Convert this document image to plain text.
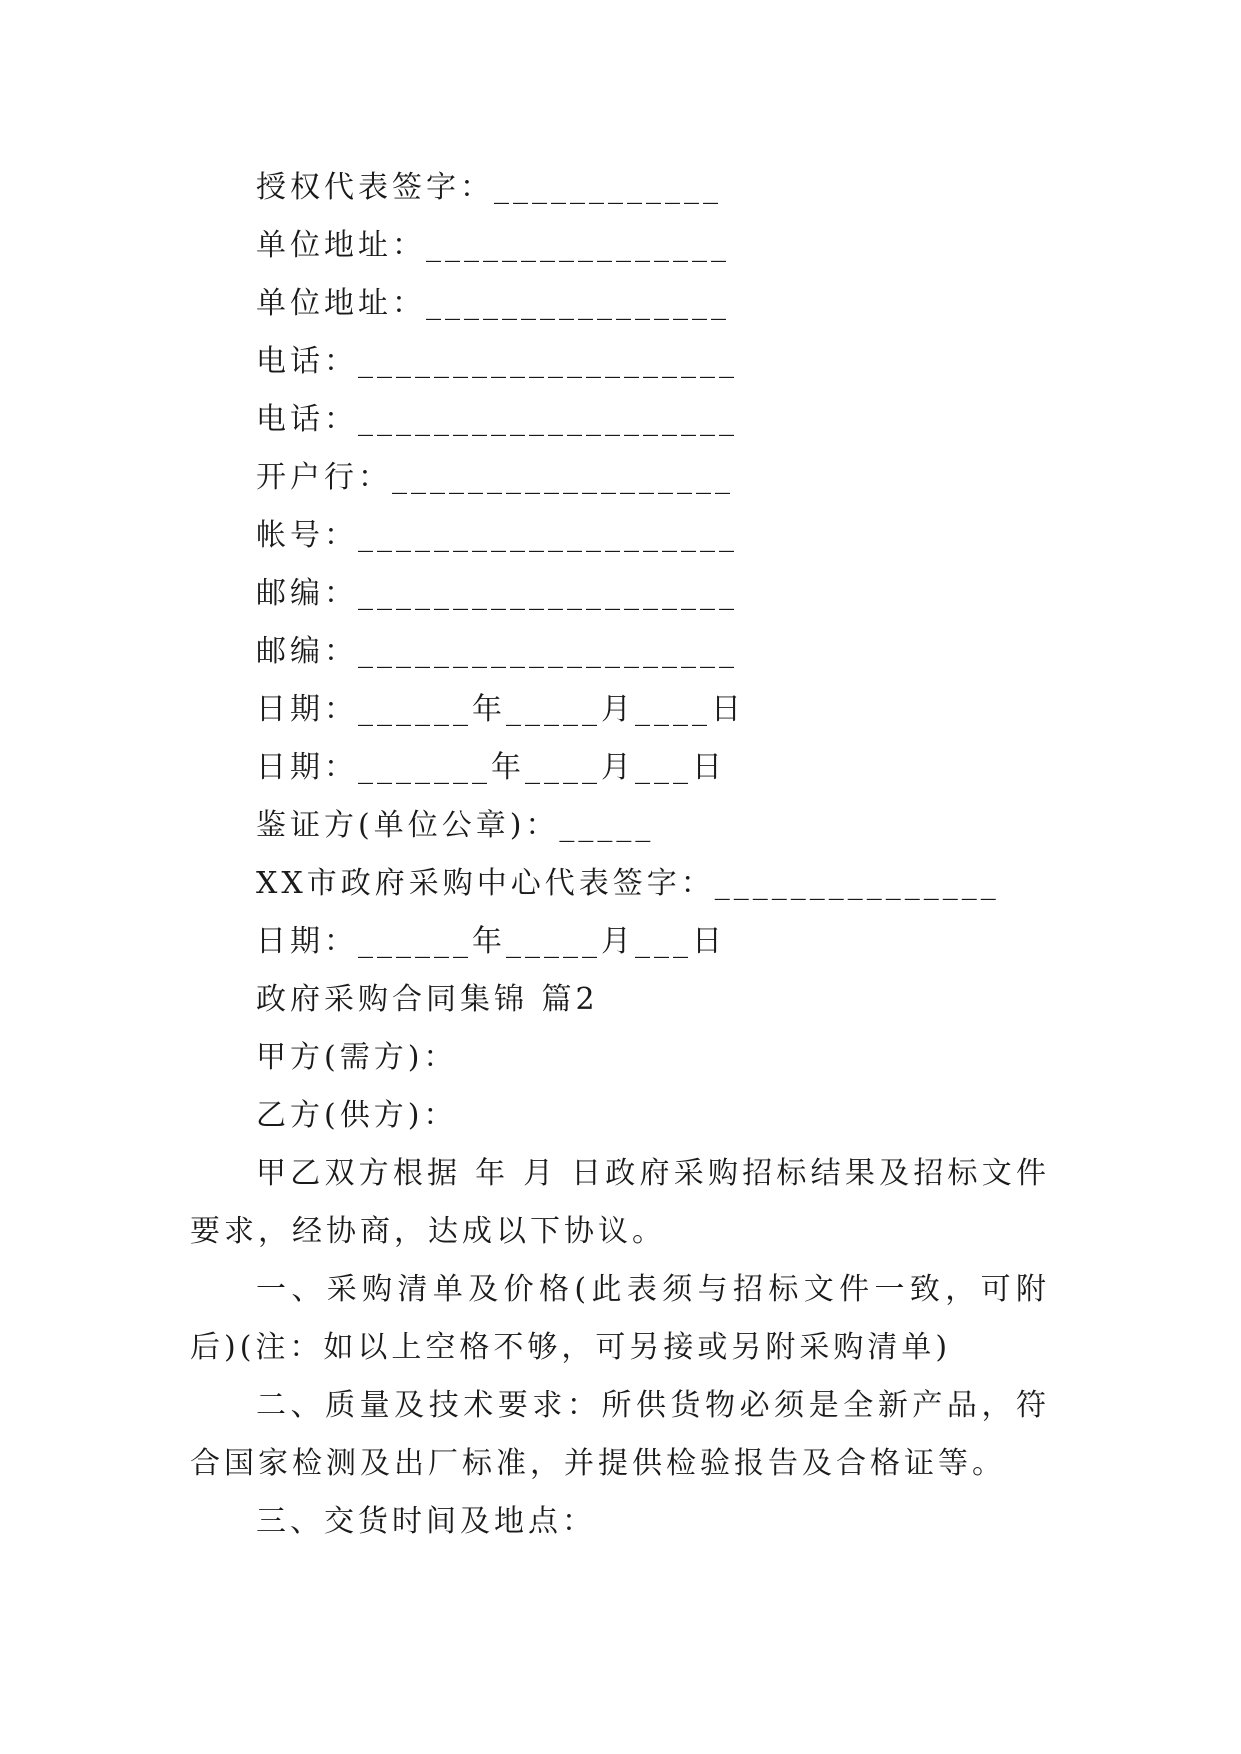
授权代表签字：____________
单位地址：________________
单位地址：________________
电话：____________________
电话：____________________
开户行：__________________
帐号：____________________
邮编：____________________
邮编：____________________
日期：______年_____月____日
日期：_______年____月___日
鉴证方(单位公章)：_____
XX市政府采购中心代表签字：_______________
日期：______年_____月___日
政府采购合同集锦 篇2
甲方(需方)：
乙方(供方)：
甲乙双方根据 年 月 日政府采购招标结果及招标文件要求，经协商，达成以下协议。
一、采购清单及价格(此表须与招标文件一致，可附后)(注：如以上空格不够，可另接或另附采购清单)
二、质量及技术要求：所供货物必须是全新产品，符合国家检测及出厂标准，并提供检验报告及合格证等。
三、交货时间及地点：
